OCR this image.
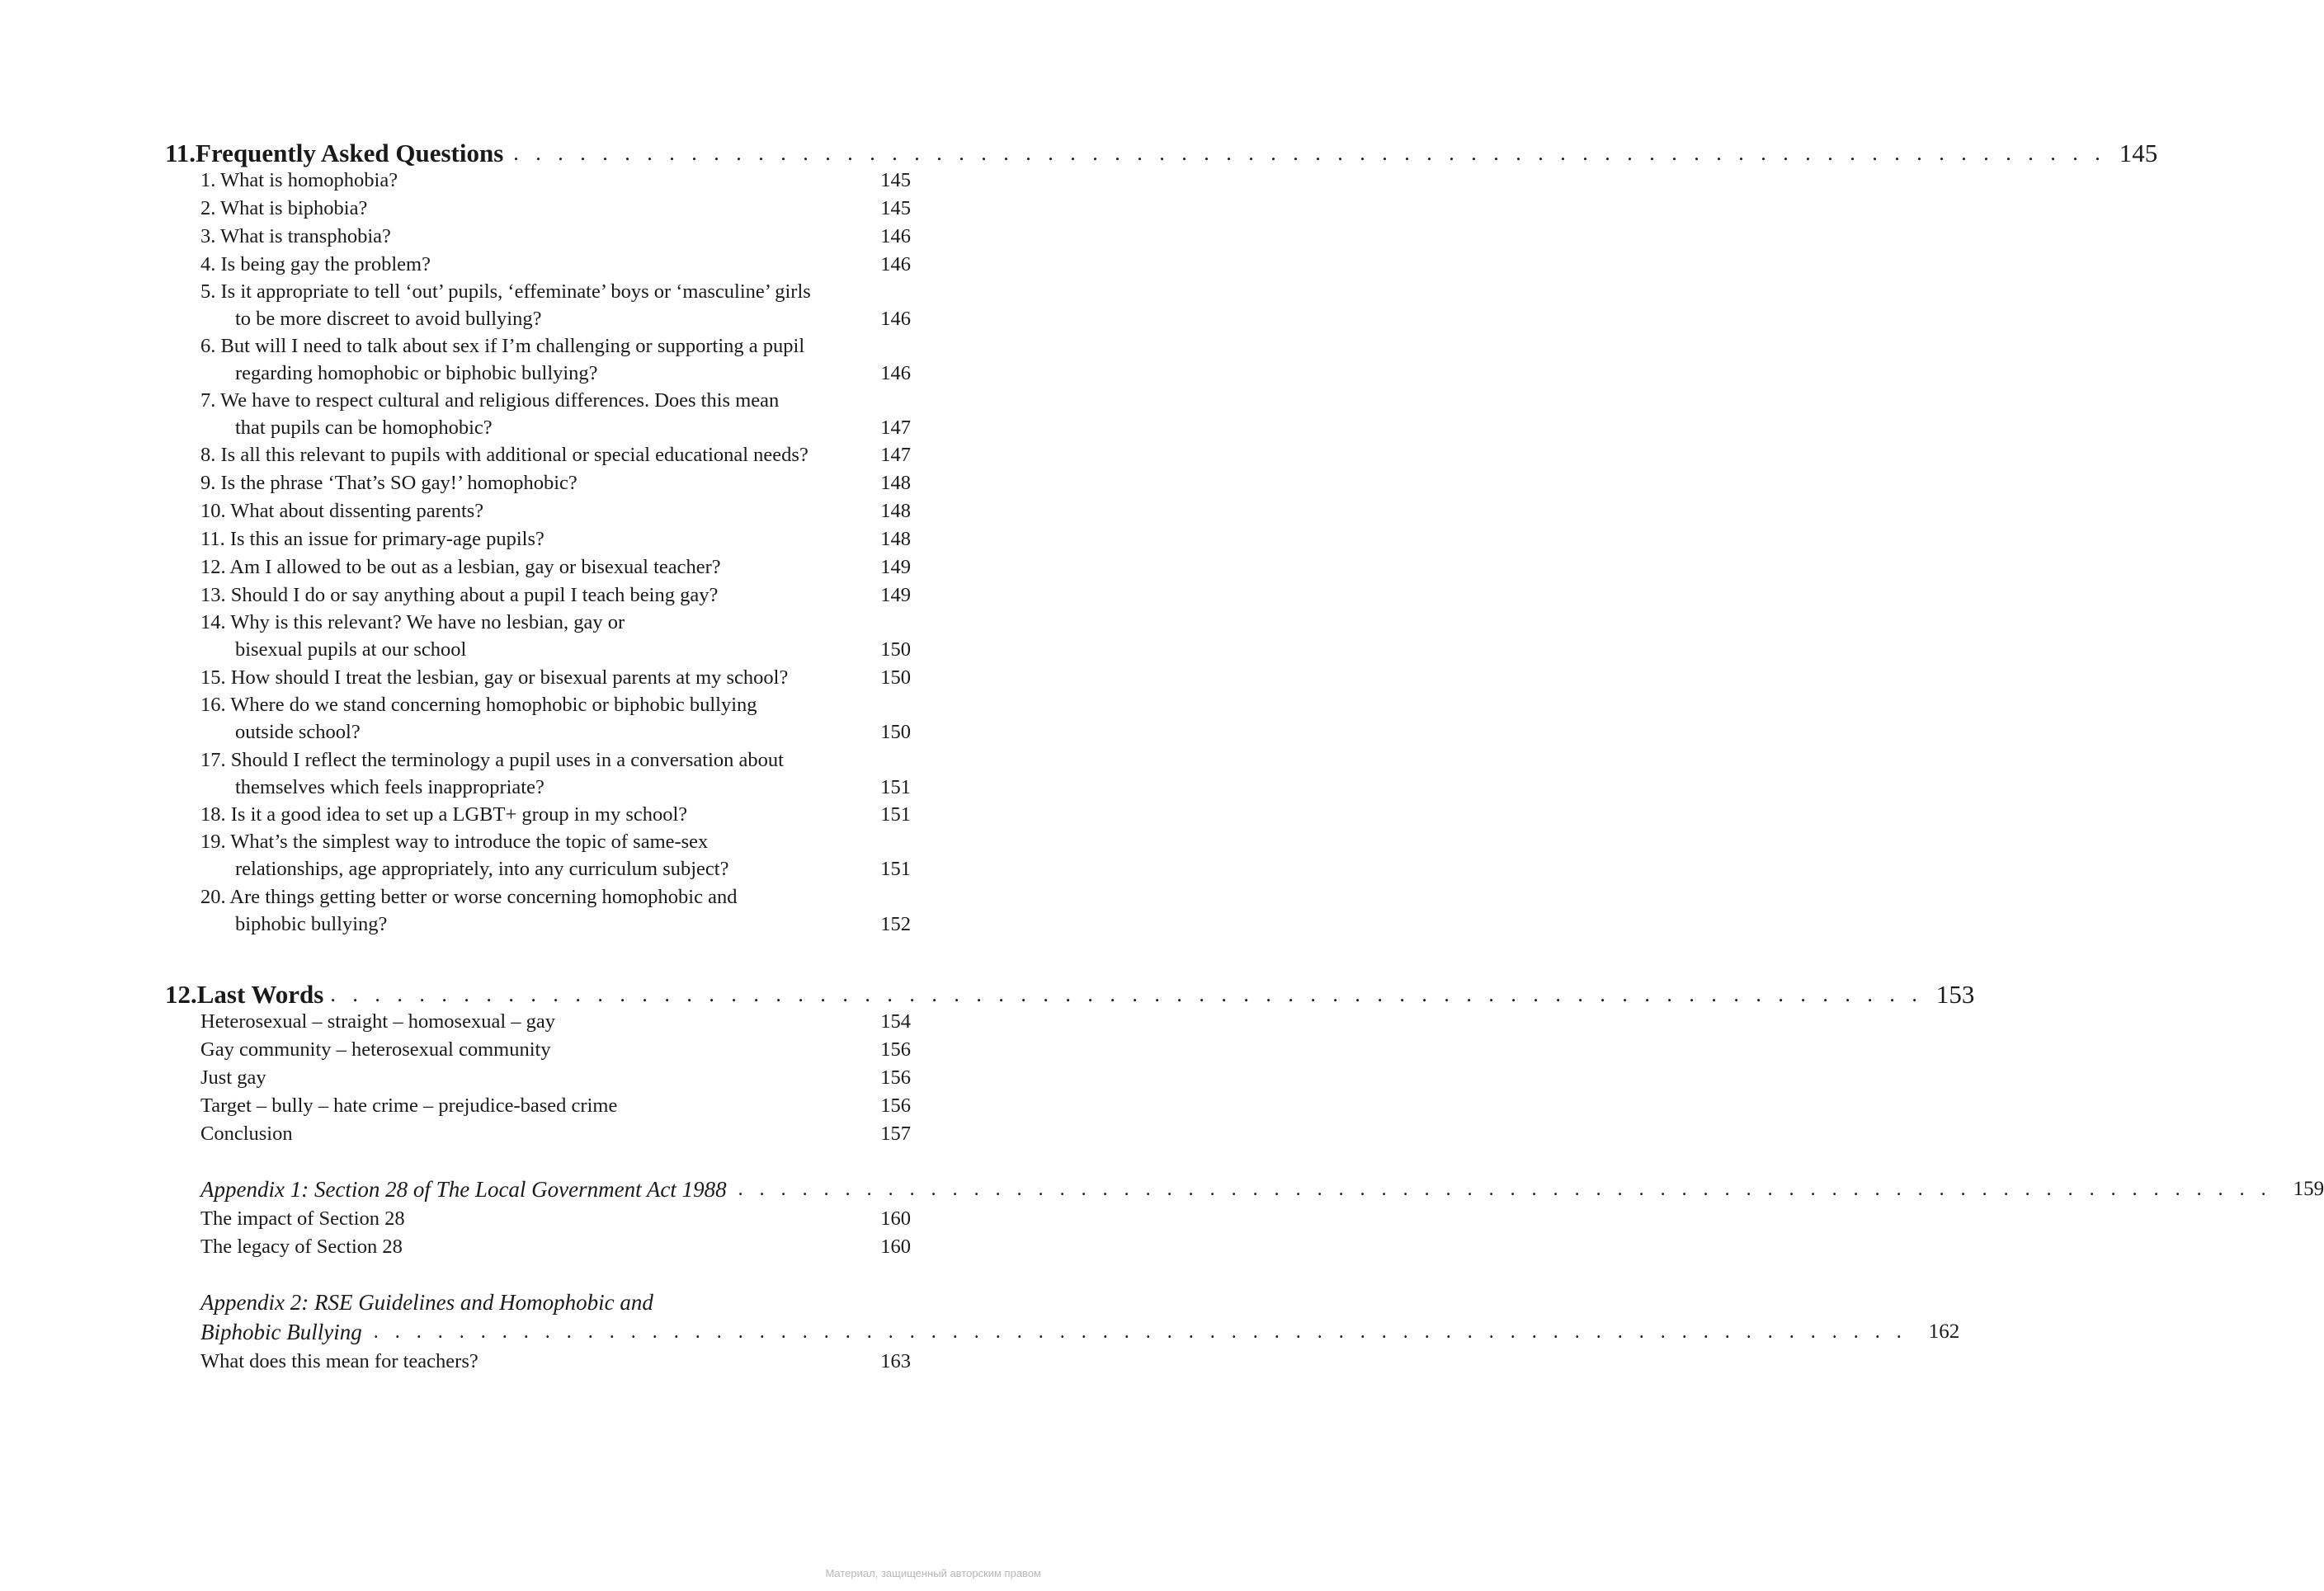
11. Frequently Asked Questions . . . . . . . . . . . . . . . . . . . . . . . . . . . . . . . . . . . . . . . . . . . . . . . . . . . . . . . . . . . . . . . . . . . . . . . . 145
1. What is homophobia?	145
2. What is biphobia?	145
3. What is transphobia?	146
4. Is being gay the problem?	146
5. Is it appropriate to tell ‘out’ pupils, ‘effeminate’ boys or ‘masculine’ girls
to be more discreet to avoid bullying?	146
6. But will I need to talk about sex if I’m challenging or supporting a pupil
regarding homophobic or biphobic bullying?	146
7. We have to respect cultural and religious differences. Does this mean
that pupils can be homophobic?	147
8. Is all this relevant to pupils with additional or special educational needs?	147
9. Is the phrase ‘That’s SO gay!’ homophobic?	148
10. What about dissenting parents?	148
11. Is this an issue for primary-age pupils?	148
12. Am I allowed to be out as a lesbian, gay or bisexual teacher?	149
13. Should I do or say anything about a pupil I teach being gay?	149
14. Why is this relevant? We have no lesbian, gay or
bisexual pupils at our school	150
15. How should I treat the lesbian, gay or bisexual parents at my school?	150
16. Where do we stand concerning homophobic or biphobic bullying
outside school?	150
17. Should I reflect the terminology a pupil uses in a conversation about
themselves which feels inappropriate?	151
18. Is it a good idea to set up a LGBT+ group in my school?	151
19. What’s the simplest way to introduce the topic of same-sex
relationships, age appropriately, into any curriculum subject?	151
20. Are things getting better or worse concerning homophobic and
biphobic bullying?	152
12. Last Words . . . . . . . . . . . . . . . . . . . . . . . . . . . . . . . . . . . . . . . . . . . . . . . . . . . . . . . . . . . . . . . . . . . . . . . . 153
Heterosexual – straight – homosexual – gay	154
Gay community – heterosexual community	156
Just gay	156
Target – bully – hate crime – prejudice-based crime	156
Conclusion	157
Appendix 1: Section 28 of The Local Government Act 1988 . . . . . . . . . . . . . . . . . . . . . . . . . . . . . . . . . . . . . . . . . . . . . . . . . . . . . . . . . . . . . . . . . . . . . . . . 159
The impact of Section 28	160
The legacy of Section 28	160
Appendix 2: RSE Guidelines and Homophobic and
Biphobic Bullying . . . . . . . . . . . . . . . . . . . . . . . . . . . . . . . . . . . . . . . . . . . . . . . . . . . . . . . . . . . . . . . . . . . . . . . . 162
What does this mean for teachers?	163
Материал, защищенный авторским правом
